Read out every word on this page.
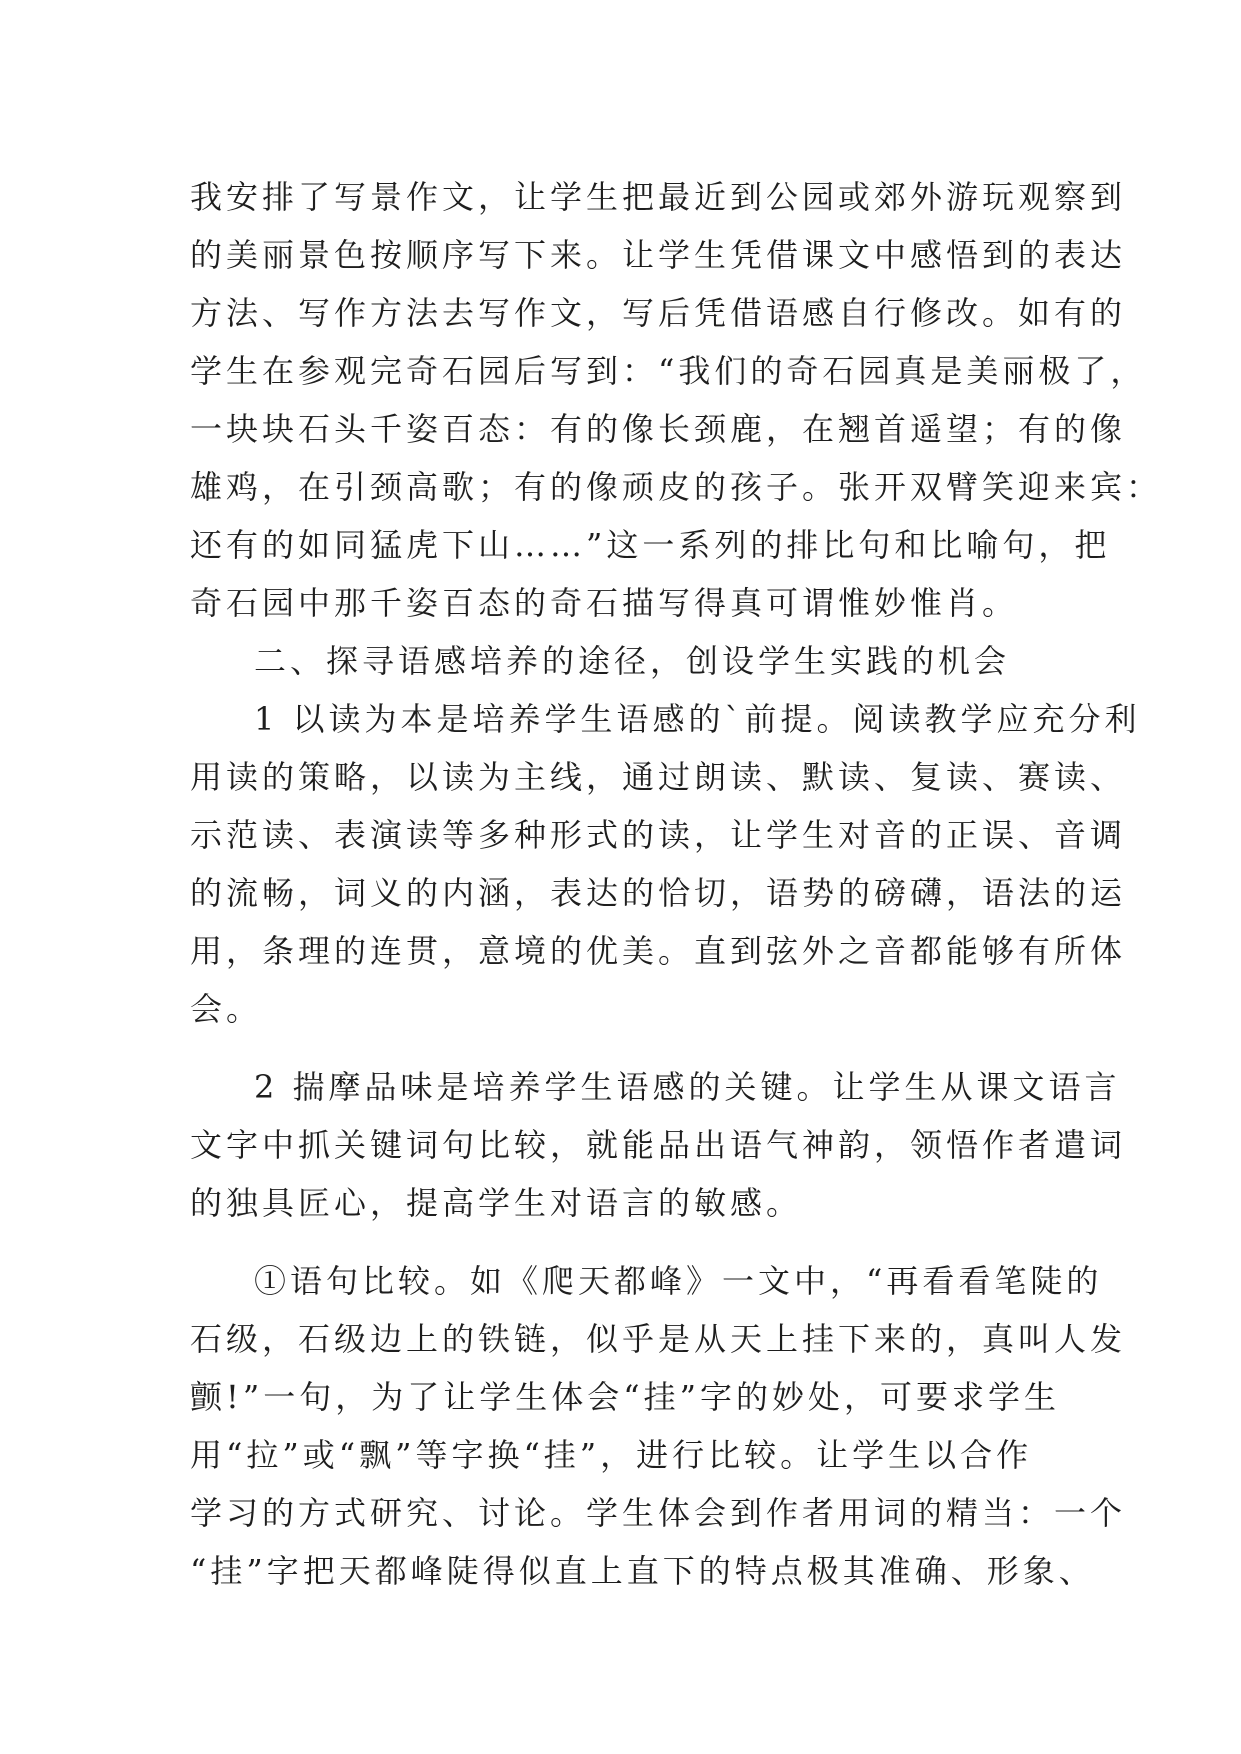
我安排了写景作文，让学生把最近到公园或郊外游玩观察到
的美丽景色按顺序写下来。让学生凭借课文中感悟到的表达
方法、写作方法去写作文，写后凭借语感自行修改。如有的
学生在参观完奇石园后写到：“我们的奇石园真是美丽极了，
一块块石头千姿百态：有的像长颈鹿，在翘首遥望；有的像
雄鸡，在引颈高歌；有的像顽皮的孩子。张开双臂笑迎来宾：
还有的如同猛虎下山……”这一系列的排比句和比喻句，把
奇石园中那千姿百态的奇石描写得真可谓惟妙惟肖。
二、探寻语感培养的途径，创设学生实践的机会
1 以读为本是培养学生语感的`前提。阅读教学应充分利
用读的策略，以读为主线，通过朗读、默读、复读、赛读、
示范读、表演读等多种形式的读，让学生对音的正误、音调
的流畅，词义的内涵，表达的恰切，语势的磅礴，语法的运
用，条理的连贯，意境的优美。直到弦外之音都能够有所体
会。
2 揣摩品味是培养学生语感的关键。让学生从课文语言
文字中抓关键词句比较，就能品出语气神韵，领悟作者遣词
的独具匠心，提高学生对语言的敏感。
①语句比较。如《爬天都峰》一文中，“再看看笔陡的
石级，石级边上的铁链，似乎是从天上挂下来的，真叫人发
颤!”一句，为了让学生体会“挂”字的妙处，可要求学生
用“拉”或“飘”等字换“挂”，进行比较。让学生以合作
学习的方式研究、讨论。学生体会到作者用词的精当：一个
“挂”字把天都峰陡得似直上直下的特点极其准确、形象、
